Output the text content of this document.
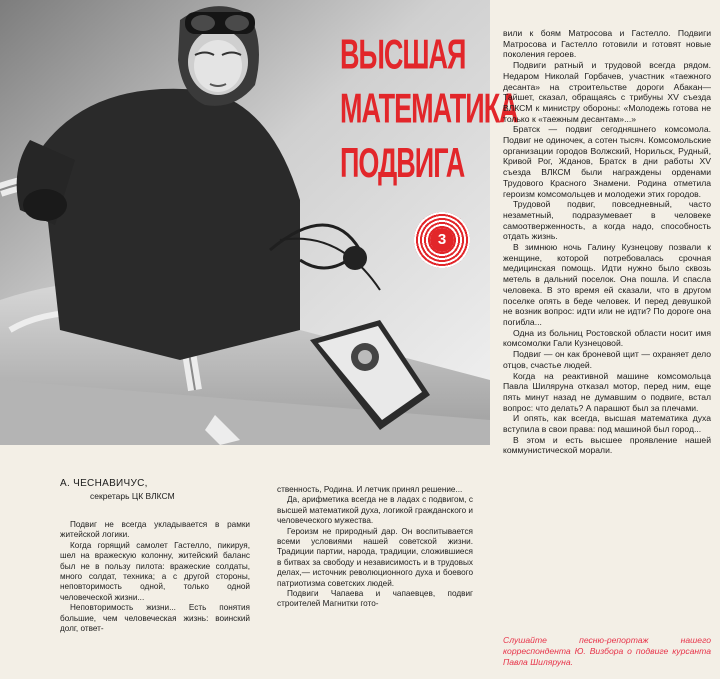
ВЫСШАЯ
МАТЕМАТИКА
ПОДВИГА
3
А. ЧЕСНАВИЧУС,
секретарь ЦК ВЛКСМ

Подвиг не всегда укладывается в рамки житейской логики.

Когда горящий самолет Гастелло, пикируя, шел на вражескую колонну, житейский баланс был не в пользу пилота: вражеские солдаты, много солдат, техника; а с другой стороны, неповторимость одной, только одной человеческой жизни...

Неповторимость жизни... Есть понятия большие, чем человеческая жизнь: воинский долг, ответ-

ственность, Родина. И летчик принял решение...

Да, арифметика всегда не в ладах с подвигом, с высшей математикой духа, логикой гражданского и человеческого мужества.

Героизм не природный дар. Он воспитывается всеми условиями нашей советской жизни. Традиции партии, народа, традиции, сложившиеся в битвах за свободу и независимость и в трудовых делах,— источник революционного духа и боевого патриотизма советских людей.

Подвиги Чапаева и чапаевцев, подвиг строителей Магнитки гото-

вили к боям Матросова и Гастелло. Подвиги Матросова и Гастелло готовили и готовят новые поколения героев.

Подвиги ратный и трудовой всегда рядом. Недаром Николай Горбачев, участник «таежного десанта» на строительстве дороги Абакан—Тайшет, сказал, обращаясь с трибуны XV съезда ВЛКСМ к министру обороны: «Молодежь готова не только к «таежным десантам»...»

Братск — подвиг сегодняшнего комсомола. Подвиг не одиночек, а сотен тысяч. Комсомольские организации городов Волжский, Норильск, Рудный, Кривой Рог, Жданов, Братск в дни работы XV съезда ВЛКСМ были награждены орденами Трудового Красного Знамени. Родина отметила героизм комсомольцев и молодежи этих городов.

Трудовой подвиг, повседневный, часто незаметный, подразумевает в человеке самоотверженность, а когда надо, способность отдать жизнь.

В зимнюю ночь Галину Кузнецову позвали к женщине, которой потребовалась срочная медицинская помощь. Идти нужно было сквозь метель в дальний поселок. Она пошла. И спасла человека. В это время ей сказали, что в другом поселке опять в беде человек. И перед девушкой не возник вопрос: идти или не идти? По дороге она погибла...

Одна из больниц Ростовской области носит имя комсомолки Гали Кузнецовой.

Подвиг — он как броневой щит — охраняет дело отцов, счастье людей.

Когда на реактивной машине комсомольца Павла Шиляруна отказал мотор, перед ним, еще пять минут назад не думавшим о подвиге, встал вопрос: что делать? А парашют был за плечами.

И опять, как всегда, высшая математика духа вступила в свои права: под машиной был город...

В этом и есть высшее проявление нашей коммунистической морали.

Слушайте песню-репортаж нашего корреспондента Ю. Визбора о подвиге курсанта Павла Шиляруна.
